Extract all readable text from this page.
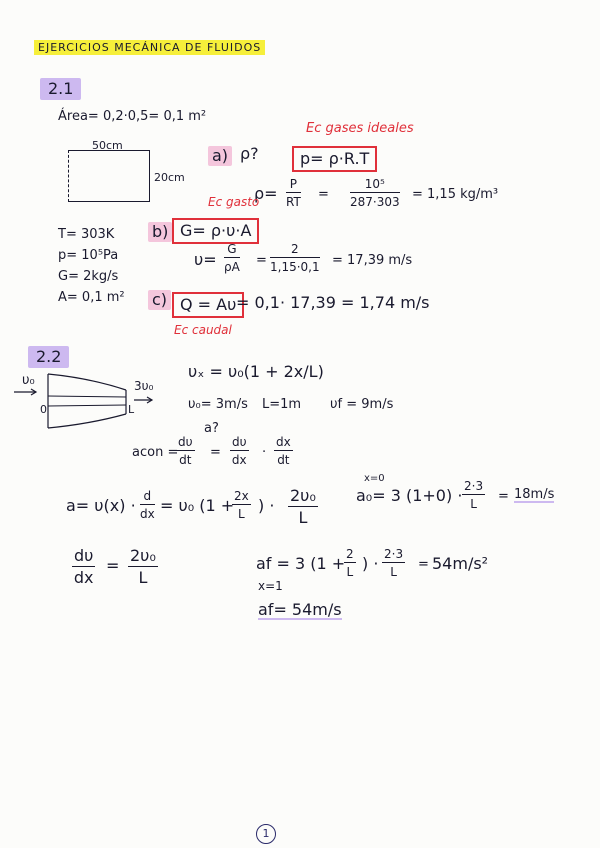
EJERCICIOS MECÁNICA DE FLUIDOS
2.1
Área= 0,2·0,5= 0,1 m²
50cm
20cm
T= 303K
p= 10⁵Pa
G= 2kg/s
A= 0,1 m²
Ec gases ideales
a) ρ?	p= ρ·R.T
$\rho= \frac{P}{RT} = \frac{\text{10⁵}}{287\cdot 303} = 1,15$ kg/m³
Ec gasto
b) G= ρ·υ·A
$\upsilon= \frac{G}{\rho A} = \frac{2}{1,15\cdot 0,1} = 17,39$ m/s
c) Q = Aυ = 0,1· 17,39 = 1,74 m/s
Ec caudal
2.2
υ₀	3υ₀
0	L
υₓ = υ₀(1 + 2x/L)
υ₀= 3m/s L=1m υf = 9m/s
a?
acon =
$\frac{d\upsilon}{dt} = \frac{d\upsilon}{dx} \cdot \frac{dx}{dt}$
$a= \upsilon(x) \cdot \frac{d}{dx} = \upsilon_0$ (1 +
$\frac{2x}{L}$ ) · $\frac{\text{2υ₀}}{L}$
x=0
a₀= 3 $(1+0) \cdot \frac{2\cdot 3}{L} = 18m/s$
$\frac{d\upsilon}{dx} = \frac{\text{2υ₀}}{L}$	af = 3 (1 +
$\frac{2}{L}$ ) · $\frac{2\cdot 3}{L} = 54m/s^2$
x=1
af= 54m/s
1
